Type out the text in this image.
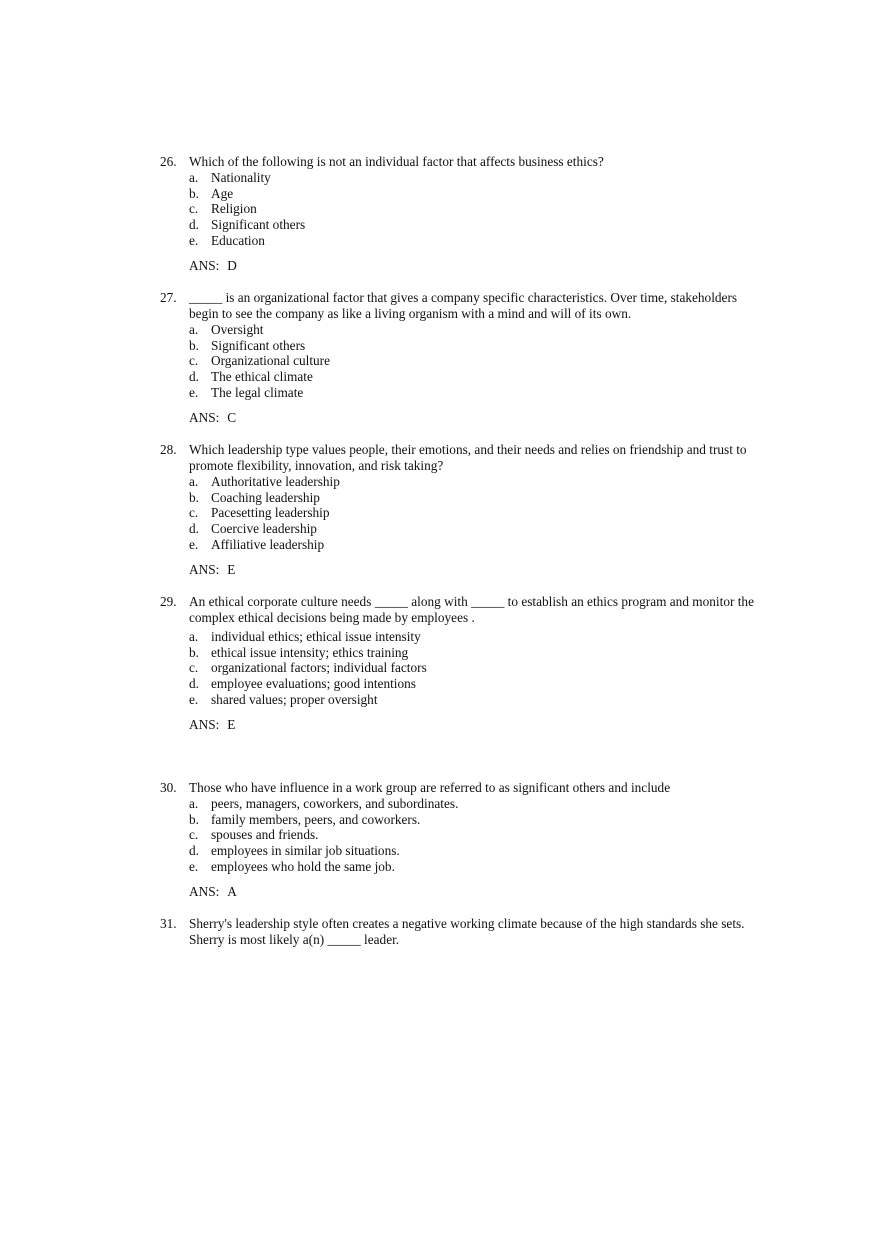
26. Which of the following is not an individual factor that affects business ethics?
a. Nationality
b. Age
c. Religion
d. Significant others
e. Education
ANS: D
27. _____ is an organizational factor that gives a company specific characteristics. Over time, stakeholders begin to see the company as like a living organism with a mind and will of its own.
a. Oversight
b. Significant others
c. Organizational culture
d. The ethical climate
e. The legal climate
ANS: C
28. Which leadership type values people, their emotions, and their needs and relies on friendship and trust to promote flexibility, innovation, and risk taking?
a. Authoritative leadership
b. Coaching leadership
c. Pacesetting leadership
d. Coercive leadership
e. Affiliative leadership
ANS: E
29. An ethical corporate culture needs _____ along with _____ to establish an ethics program and monitor the complex ethical decisions being made by employees .
a. individual ethics; ethical issue intensity
b. ethical issue intensity; ethics training
c. organizational factors; individual factors
d. employee evaluations; good intentions
e. shared values; proper oversight
ANS: E
30. Those who have influence in a work group are referred to as significant others and include
a. peers, managers, coworkers, and subordinates.
b. family members, peers, and coworkers.
c. spouses and friends.
d. employees in similar job situations.
e. employees who hold the same job.
ANS: A
31. Sherry's leadership style often creates a negative working climate because of the high standards she sets. Sherry is most likely a(n) _____ leader.
